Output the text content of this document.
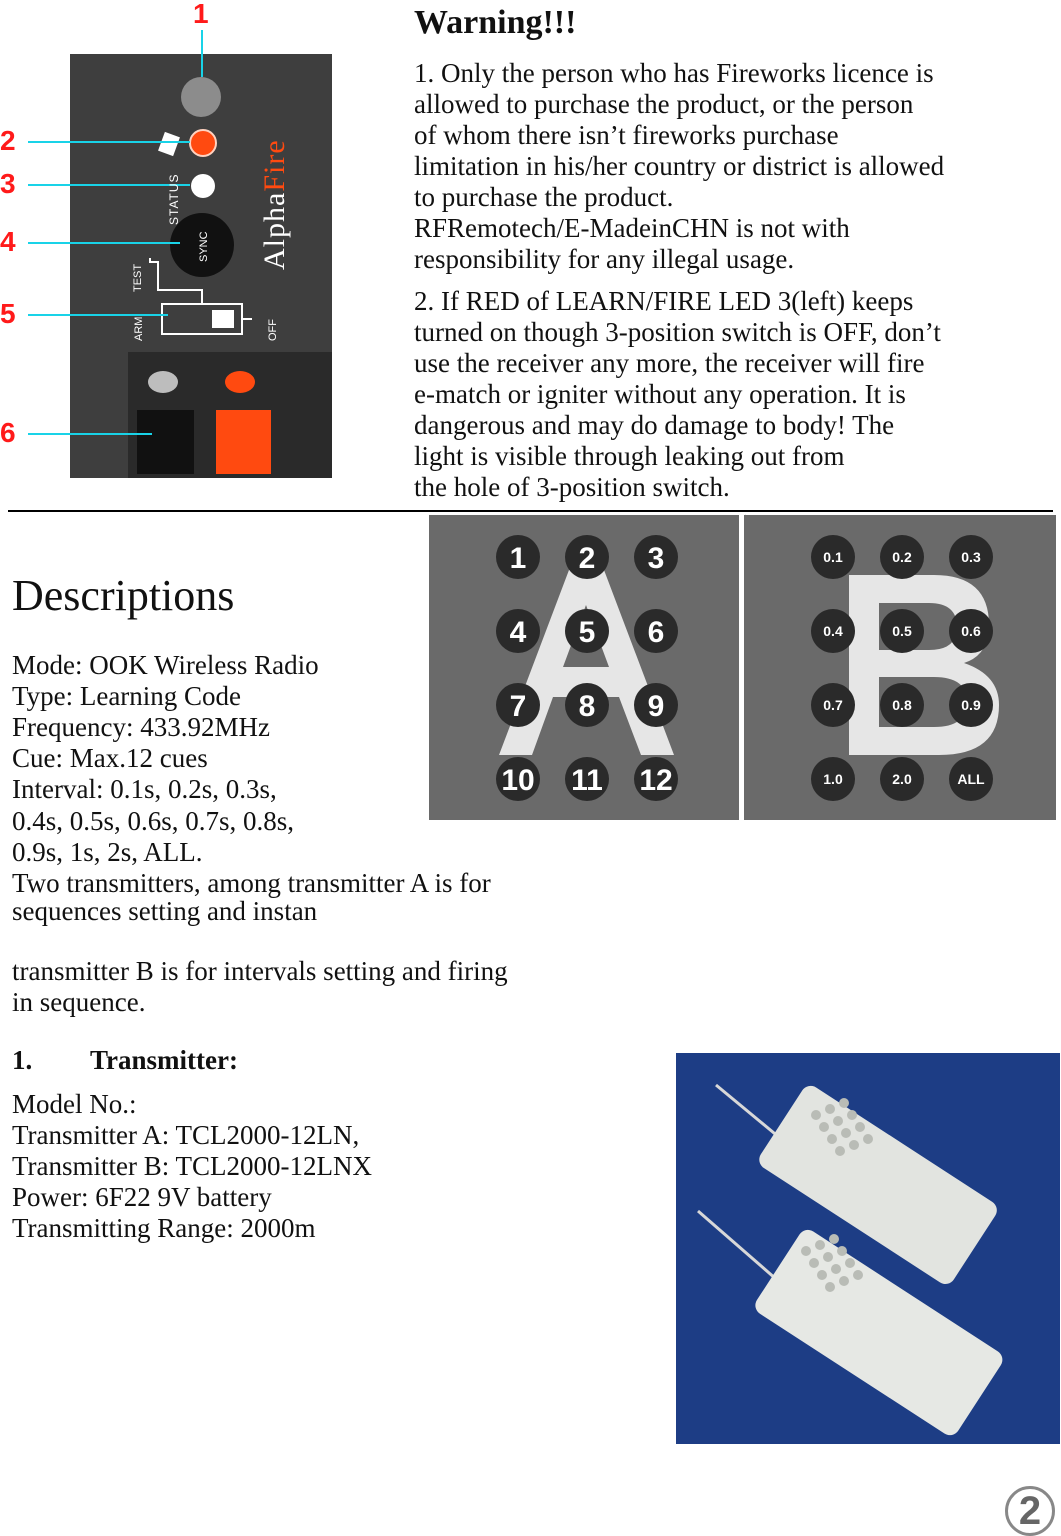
AlphaFire
STATUS
SYNC
TEST
ARM	OFF
1
2
3
4
5
6
Warning!!!
1. Only the person who has Fireworks licence is
allowed to purchase the product, or the person
of whom there isn’t fireworks purchase
limitation in his/her country or district is allowed
to purchase the product.
RFRemotech/E-MadeinCHN is not with
responsibility for any illegal usage.
2. If RED of LEARN/FIRE LED 3(left) keeps
turned on though 3-position switch is OFF, don’t
use the receiver any more, the receiver will fire
e-match or igniter without any operation. It is
dangerous and may do damage to body! The
light is visible through leaking out from
the hole of 3-position switch.
1 2 3
4 5 6
7 8 9
10 11 12
0.1	0.2	0.3
0.4	0.5	0.6
0.7	0.8	0.9
1.0	2.0	ALL
A	B
Descriptions
Mode: OOK Wireless Radio
Type: Learning Code
Frequency: 433.92MHz
Cue: Max.12 cues
Interval: 0.1s, 0.2s, 0.3s,
0.4s, 0.5s, 0.6s, 0.7s, 0.8s,
0.9s, 1s, 2s, ALL.
Two transmitters, among transmitter A is for
sequences setting and instan
transmitter B is for intervals setting and firing
in sequence.
1. Transmitter:
Model No.:
Transmitter A: TCL2000-12LN,
Transmitter B: TCL2000-12LNX
Power: 6F22 9V battery
Transmitting Range: 2000m
2
